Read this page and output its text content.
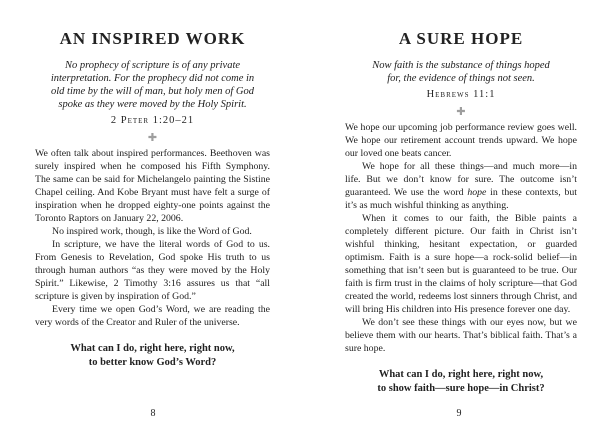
AN INSPIRED WORK
No prophecy of scripture is of any private
interpretation. For the prophecy did not come in
old time by the will of man, but holy men of God
spoke as they were moved by the Holy Spirit.
2 Peter 1:20–21
✚

We often talk about inspired performances. Beethoven was surely inspired when he composed his Fifth Symphony. The same can be said for Michelangelo painting the Sistine Chapel ceiling. And Kobe Bryant must have felt a surge of inspiration when he dropped eighty-one points against the Toronto Raptors on January 22, 2006.

No inspired work, though, is like the Word of God.

In scripture, we have the literal words of God to us. From Genesis to Revelation, God spoke His truth to us through human authors “as they were moved by the Holy Spirit.” Likewise, 2 Timothy 3:16 assures us that “all scripture is given by inspiration of God.”

Every time we open God’s Word, we are reading the very words of the Creator and Ruler of the universe.

What can I do, right here, right now,
to better know God’s Word?
8
A SURE HOPE
Now faith is the substance of things hoped
for, the evidence of things not seen.
Hebrews 11:1
✚

We hope our upcoming job performance review goes well. We hope our retirement account trends upward. We hope our loved one beats cancer.

We hope for all these things—and much more—in life. But we don’t know for sure. The outcome isn’t guaranteed. We use the word hope in these contexts, but it’s as much wishful thinking as anything.

When it comes to our faith, the Bible paints a completely different picture. Our faith in Christ isn’t wishful thinking, hesitant expectation, or guarded optimism. Faith is a sure hope—a rock-solid belief—in something that isn’t seen but is guaranteed to be true. Our faith is firm trust in the claims of holy scripture—that God created the world, redeems lost sinners through Christ, and will bring His children into His presence forever one day.

We don’t see these things with our eyes now, but we believe them with our hearts. That’s biblical faith. That’s a sure hope.

What can I do, right here, right now,
to show faith—sure hope—in Christ?
9
